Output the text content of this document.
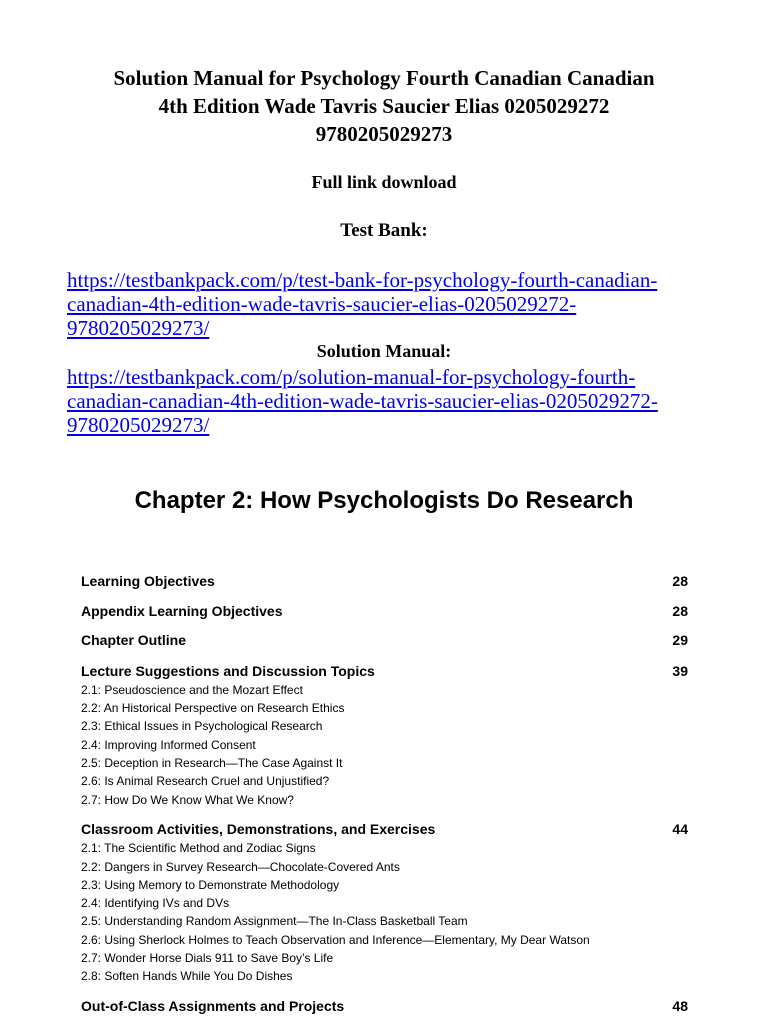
Solution Manual for Psychology Fourth Canadian Canadian
4th Edition Wade Tavris Saucier Elias 0205029272
9780205029273
Full link download
Test Bank:
https://testbankpack.com/p/test-bank-for-psychology-fourth-canadian-
canadian-4th-edition-wade-tavris-saucier-elias-0205029272-
9780205029273/
Solution Manual:
https://testbankpack.com/p/solution-manual-for-psychology-fourth-
canadian-canadian-4th-edition-wade-tavris-saucier-elias-0205029272-
9780205029273/
Chapter 2: How Psychologists Do Research
Learning Objectives	28
Appendix Learning Objectives	28
Chapter Outline	29
Lecture Suggestions and Discussion Topics	39
2.1: Pseudoscience and the Mozart Effect
2.2: An Historical Perspective on Research Ethics
2.3: Ethical Issues in Psychological Research
2.4: Improving Informed Consent
2.5: Deception in Research—The Case Against It
2.6: Is Animal Research Cruel and Unjustified?
2.7: How Do We Know What We Know?
Classroom Activities, Demonstrations, and Exercises	44
2.1: The Scientific Method and Zodiac Signs
2.2: Dangers in Survey Research—Chocolate-Covered Ants
2.3: Using Memory to Demonstrate Methodology
2.4: Identifying IVs and DVs
2.5: Understanding Random Assignment—The In-Class Basketball Team
2.6: Using Sherlock Holmes to Teach Observation and Inference—Elementary, My Dear Watson
2.7: Wonder Horse Dials 911 to Save Boy’s Life
2.8: Soften Hands While You Do Dishes
Out-of-Class Assignments and Projects	48
